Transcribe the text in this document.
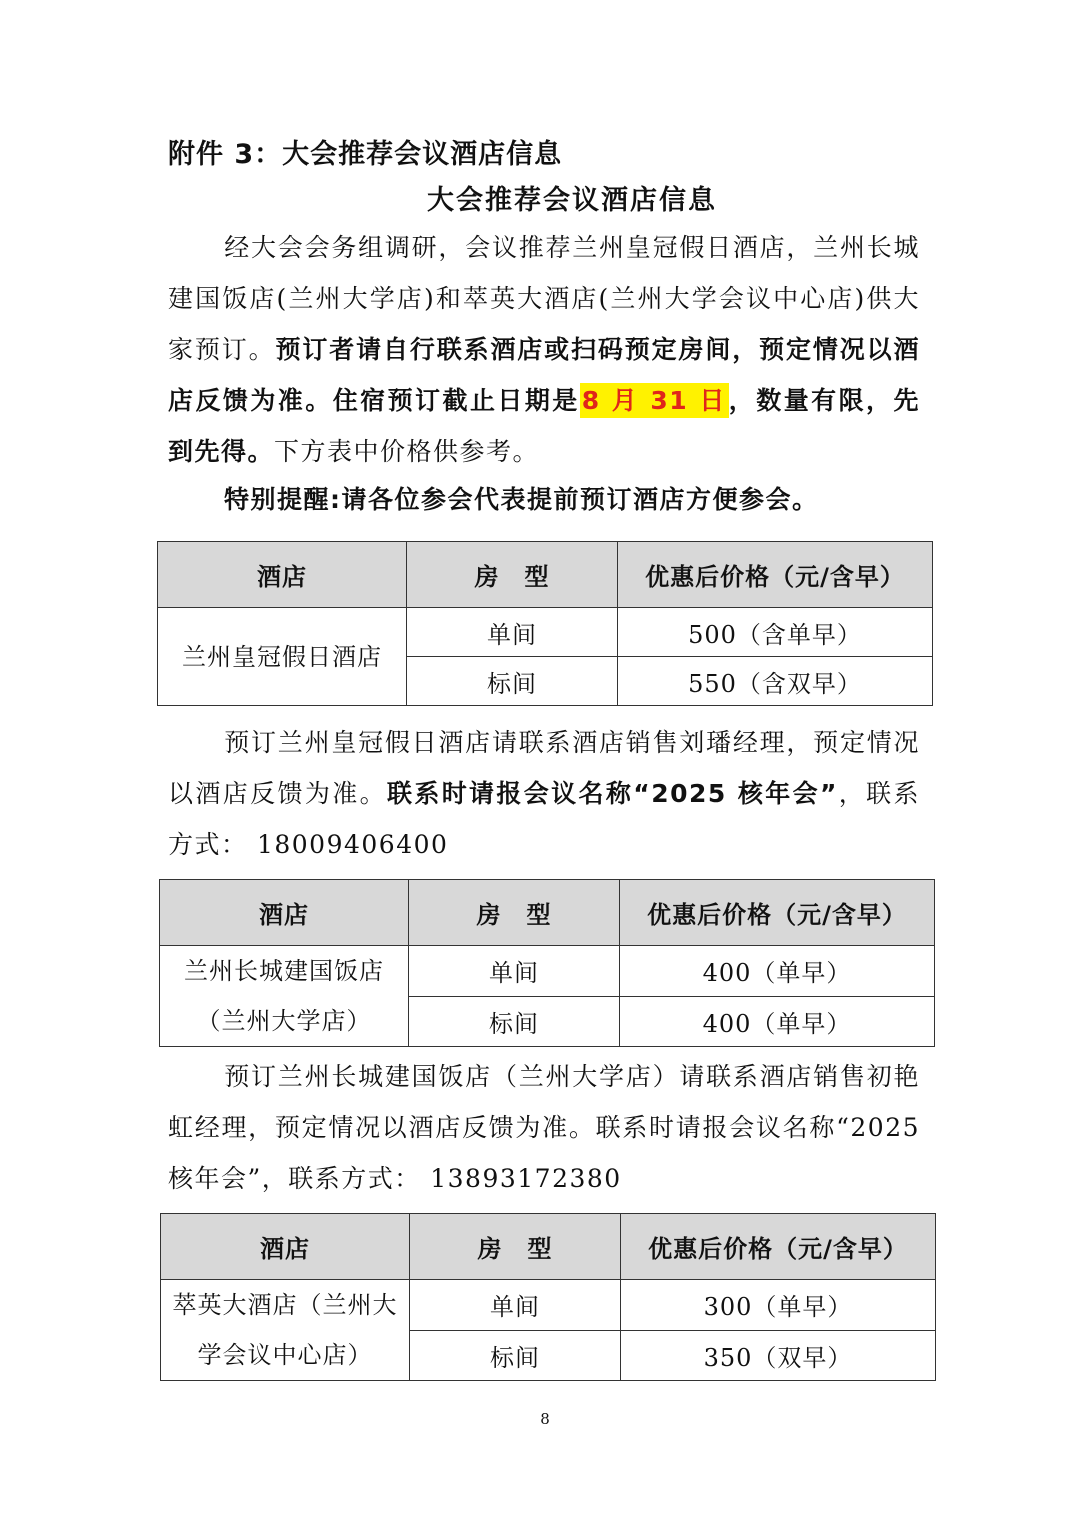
附件 3：大会推荐会议酒店信息
大会推荐会议酒店信息
经大会会务组调研，会议推荐兰州皇冠假日酒店，兰州长城建国饭店(兰州大学店)和萃英大酒店(兰州大学会议中心店)供大家预订。预订者请自行联系酒店或扫码预定房间，预定情况以酒店反馈为准。住宿预订截止日期是8 月 31 日，数量有限，先到先得。下方表中价格供参考。
特别提醒:请各位参会代表提前预订酒店方便参会。
酒店	房　型	优惠后价格（元/含早）
兰州皇冠假日酒店	单间	500（含单早）
	标间	550（含双早）
预订兰州皇冠假日酒店请联系酒店销售刘璠经理，预定情况以酒店反馈为准。联系时请报会议名称“2025 核年会”，联系方式： 18009406400
酒店	房　型	优惠后价格（元/含早）
兰州长城建国饭店（兰州大学店）	单间	400（单早）
	标间	400（单早）
预订兰州长城建国饭店（兰州大学店）请联系酒店销售初艳虹经理，预定情况以酒店反馈为准。联系时请报会议名称“2025 核年会”，联系方式： 13893172380
酒店	房　型	优惠后价格（元/含早）
萃英大酒店（兰州大学会议中心店）	单间	300（单早）
	标间	350（双早）
8
